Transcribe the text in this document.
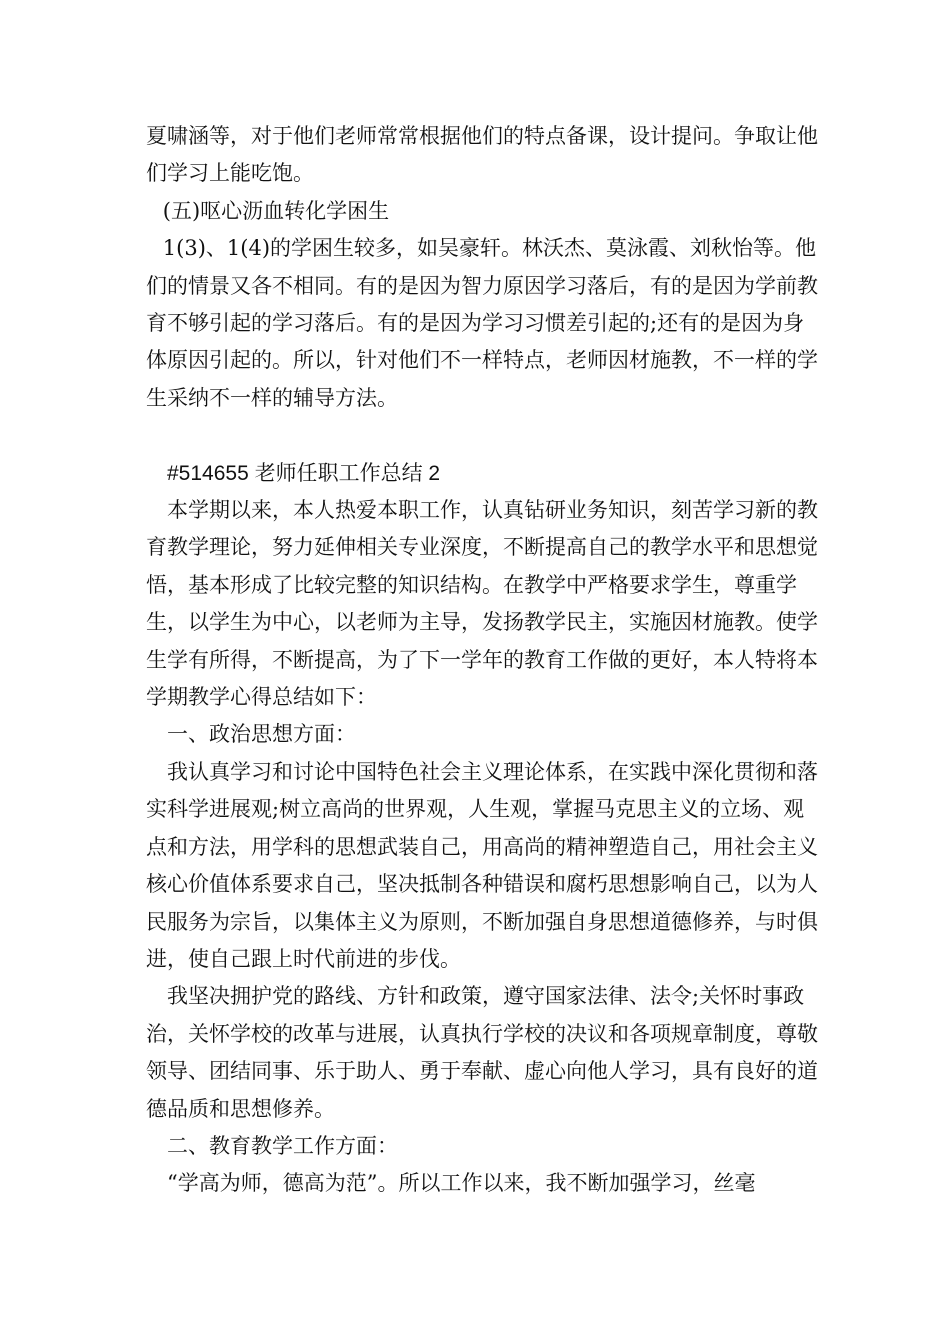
夏啸涵等，对于他们老师常常根据他们的特点备课，设计提问。争取让他们学习上能吃饱。

(五)呕心沥血转化学困生

1(3)、1(4)的学困生较多，如吴豪轩。林沃杰、莫泳霞、刘秋怡等。他们的情景又各不相同。有的是因为智力原因学习落后，有的是因为学前教育不够引起的学习落后。有的是因为学习习惯差引起的;还有的是因为身体原因引起的。所以，针对他们不一样特点，老师因材施教，不一样的学生采纳不一样的辅导方法。

#514655 老师任职工作总结 2

本学期以来，本人热爱本职工作，认真钻研业务知识，刻苦学习新的教育教学理论，努力延伸相关专业深度，不断提高自己的教学水平和思想觉悟，基本形成了比较完整的知识结构。在教学中严格要求学生，尊重学生，以学生为中心，以老师为主导，发扬教学民主，实施因材施教。使学生学有所得，不断提高，为了下一学年的教育工作做的更好，本人特将本学期教学心得总结如下：

一、政治思想方面：

我认真学习和讨论中国特色社会主义理论体系，在实践中深化贯彻和落实科学进展观;树立高尚的世界观，人生观，掌握马克思主义的立场、观点和方法，用学科的思想武装自己，用高尚的精神塑造自己，用社会主义核心价值体系要求自己，坚决抵制各种错误和腐朽思想影响自己，以为人民服务为宗旨，以集体主义为原则，不断加强自身思想道德修养，与时俱进，使自己跟上时代前进的步伐。

我坚决拥护党的路线、方针和政策，遵守国家法律、法令;关怀时事政治，关怀学校的改革与进展，认真执行学校的决议和各项规章制度，尊敬领导、团结同事、乐于助人、勇于奉献、虚心向他人学习，具有良好的道德品质和思想修养。

二、教育教学工作方面：

“学高为师，德高为范”。所以工作以来，我不断加强学习，丝毫
